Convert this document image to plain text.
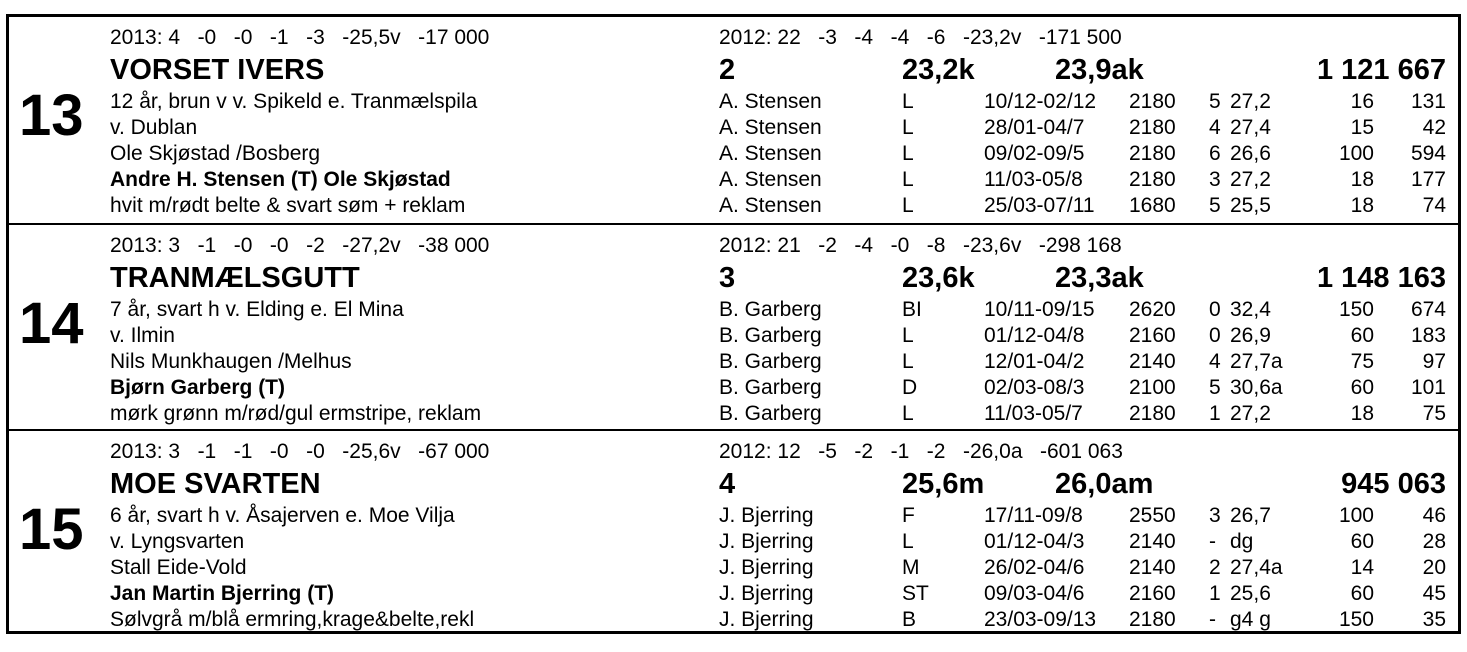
13
2013: 4   -0   -0   -1   -3   -25,5v   -17 000	2012: 22   -3   -4   -4   -6   -23,2v   -171 500
VORSET IVERS	2	23,2k	23,9ak	1 121 667
12 år, brun v v. Spikeld e. Tranmælspila
v. Dublan
Ole Skjøstad /Bosberg
Andre H. Stensen (T) Ole Skjøstad
hvit m/rødt belte & svart søm + reklam
A. Stensen	L	10/12-02/12 2180 5 27,2	16 131
A. Stensen	L	28/01-04/7 2180 4 27,4	15 42
A. Stensen	L	09/02-09/5 2180 6 26,6	100 594
A. Stensen	L	11/03-05/8 2180 3 27,2	18 177
A. Stensen	L	25/03-07/11 1680 5 25,5	18 74
14
2013: 3   -1   -0   -0   -2   -27,2v   -38 000	2012: 21   -2   -4   -0   -8   -23,6v   -298 168
TRANMÆLSGUTT	3	23,6k	23,3ak	1 148 163
7 år, svart h v. Elding e. El Mina
v. Ilmin
Nils Munkhaugen /Melhus
Bjørn Garberg (T)
mørk grønn m/rød/gul ermstripe, reklam
B. Garberg	BI	10/11-09/15 2620 0 32,4	150 674
B. Garberg	L	01/12-04/8 2160 0 26,9	60 183
B. Garberg	L	12/01-04/2 2140 4 27,7a	75 97
B. Garberg	D	02/03-08/3 2100 5 30,6a	60 101
B. Garberg	L	11/03-05/7 2180 1 27,2	18 75
15
2013: 3   -1   -1   -0   -0   -25,6v   -67 000	2012: 12   -5   -2   -1   -2   -26,0a   -601 063
MOE SVARTEN	4	25,6m 26,0am	945 063
6 år, svart h v. Åsajerven e. Moe Vilja
v. Lyngsvarten
Stall Eide-Vold
Jan Martin Bjerring (T)
Sølvgrå m/blå ermring,krage&belte,rekl
J. Bjerring	F	17/11-09/8 2550 3 26,7	100 46
J. Bjerring	L	01/12-04/3 2140 - dg	60 28
J. Bjerring	M	26/02-04/6 2140 2 27,4a	14 20
J. Bjerring	ST	09/03-04/6 2160 1 25,6	60 45
J. Bjerring	B	23/03-09/13 2180 - g4 g	150 35
